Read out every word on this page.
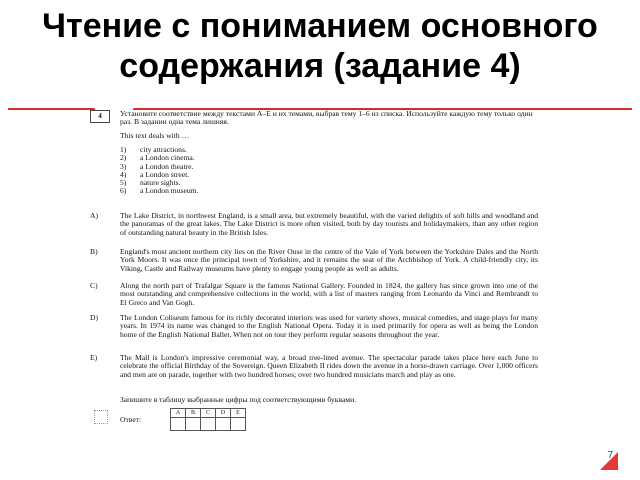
Чтение с пониманием основного содержания (задание 4)
4	Установите соответствие между текстами A–E и их темами, выбрав тему 1–6 из списка. Используйте каждую тему только один раз. В задании одна тема лишняя.
This text deals with …
1) city attractions.
2) a London cinema.
3) a London theatre.
4) a London street.
5) nature sights.
6) a London museum.
A)	The Lake District, in northwest England, is a small area, but extremely beautiful, with the varied delights of soft hills and woodland and the panoramas of the great lakes. The Lake District is more often visited, both by day tourists and holidaymakers, than any other region of outstanding natural beauty in the British Isles.
B)	England's most ancient northern city lies on the River Ouse in the centre of the Vale of York between the Yorkshire Dales and the North York Moors. It was once the principal town of Yorkshire, and it remains the seat of the Archbishop of York. A child-friendly city, its Viking, Castle and Railway museums have plenty to engage young people as well as adults.
C)	Along the north part of Trafalgar Square is the famous National Gallery. Founded in 1824, the gallery has since grown into one of the most outstanding and comprehensive collections in the world, with a list of masters ranging from Leonardo da Vinci and Rembrandt to El Greco and Van Gogh.
D)	The London Coliseum famous for its richly decorated interiors was used for variety shows, musical comedies, and stage plays for many years. In 1974 its name was changed to the English National Opera. Today it is used primarily for opera as well as being the London home of the English National Ballet. When not on tour they perform regular seasons throughout the year.
E)	The Mall is London's impressive ceremonial way, a broad tree-lined avenue. The spectacular parade takes place here each June to celebrate the official Birthday of the Sovereign. Queen Elizabeth II rides down the avenue in a horse-drawn carriage. Over 1,000 officers and men are on parade, together with two hundred horses; over two hundred musicians march and play as one.
Запишите в таблицу выбранные цифры под соответствующими буквами.
Ответ:
A	B	C	D	E

7
